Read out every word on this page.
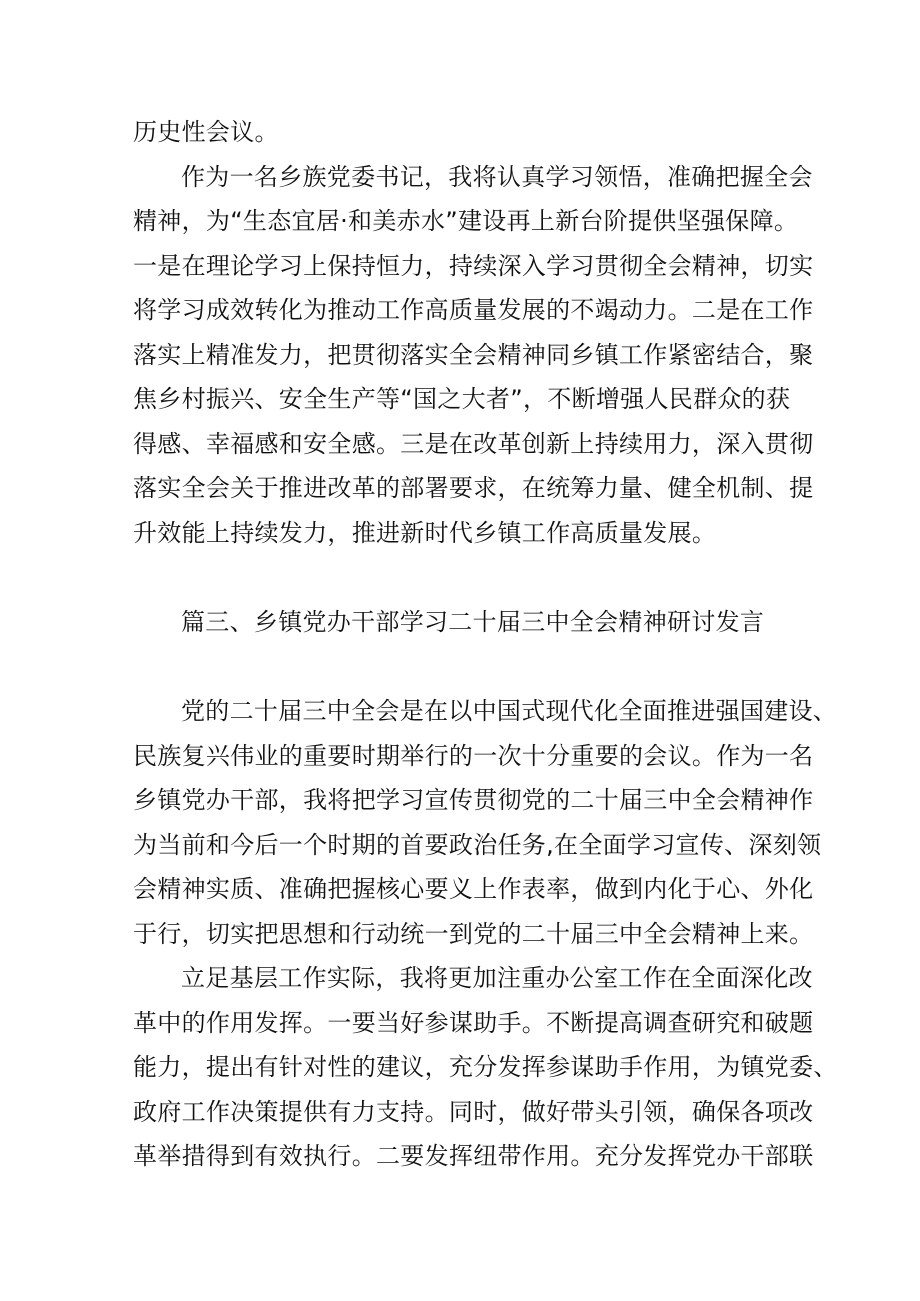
历史性会议。
作为一名乡族党委书记，我将认真学习领悟，准确把握全会
精神，为“生态宜居·和美赤水”建设再上新台阶提供坚强保障。
一是在理论学习上保持恒力，持续深入学习贯彻全会精神，切实
将学习成效转化为推动工作高质量发展的不竭动力。二是在工作
落实上精准发力，把贯彻落实全会精神同乡镇工作紧密结合，聚
焦乡村振兴、安全生产等“国之大者”，不断增强人民群众的获
得感、幸福感和安全感。三是在改革创新上持续用力，深入贯彻
落实全会关于推进改革的部署要求，在统筹力量、健全机制、提
升效能上持续发力，推进新时代乡镇工作高质量发展。
篇三、乡镇党办干部学习二十届三中全会精神研讨发言
党的二十届三中全会是在以中国式现代化全面推进强国建设、
民族复兴伟业的重要时期举行的一次十分重要的会议。作为一名
乡镇党办干部，我将把学习宣传贯彻党的二十届三中全会精神作
为当前和今后一个时期的首要政治任务,在全面学习宣传、深刻领
会精神实质、准确把握核心要义上作表率，做到内化于心、外化
于行，切实把思想和行动统一到党的二十届三中全会精神上来。
立足基层工作实际，我将更加注重办公室工作在全面深化改
革中的作用发挥。一要当好参谋助手。不断提高调查研究和破题
能力，提出有针对性的建议，充分发挥参谋助手作用，为镇党委、
政府工作决策提供有力支持。同时，做好带头引领，确保各项改
革举措得到有效执行。二要发挥纽带作用。充分发挥党办干部联
